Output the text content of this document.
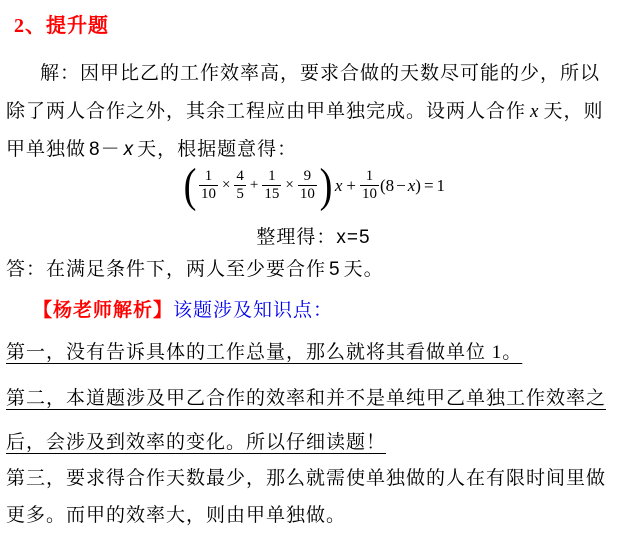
2、提升题
解：因甲比乙的工作效率高，要求合做的天数尽可能的少，所以
除了两人合作之外，其余工程应由甲单独完成。设两人合作 x 天，则
甲单独做 8－ x 天，根据题意得：
( $\frac{1}{10} \times \frac{4}{5} + \frac{1}{15} \times \frac{9}{10}$ ) $x + \frac{1}{10}$ ( 8 − x ) = 1
整理得：x=5
答：在满足条件下，两人至少要合作 5 天。
【杨老师解析】该题涉及知识点：
第一，没有告诉具体的工作总量，那么就将其看做单位 1。
第二，本道题涉及甲乙合作的效率和并不是单纯甲乙单独工作效率之
后，会涉及到效率的变化。所以仔细读题！
第三，要求得合作天数最少，那么就需使单独做的人在有限时间里做
更多。而甲的效率大，则由甲单独做。
